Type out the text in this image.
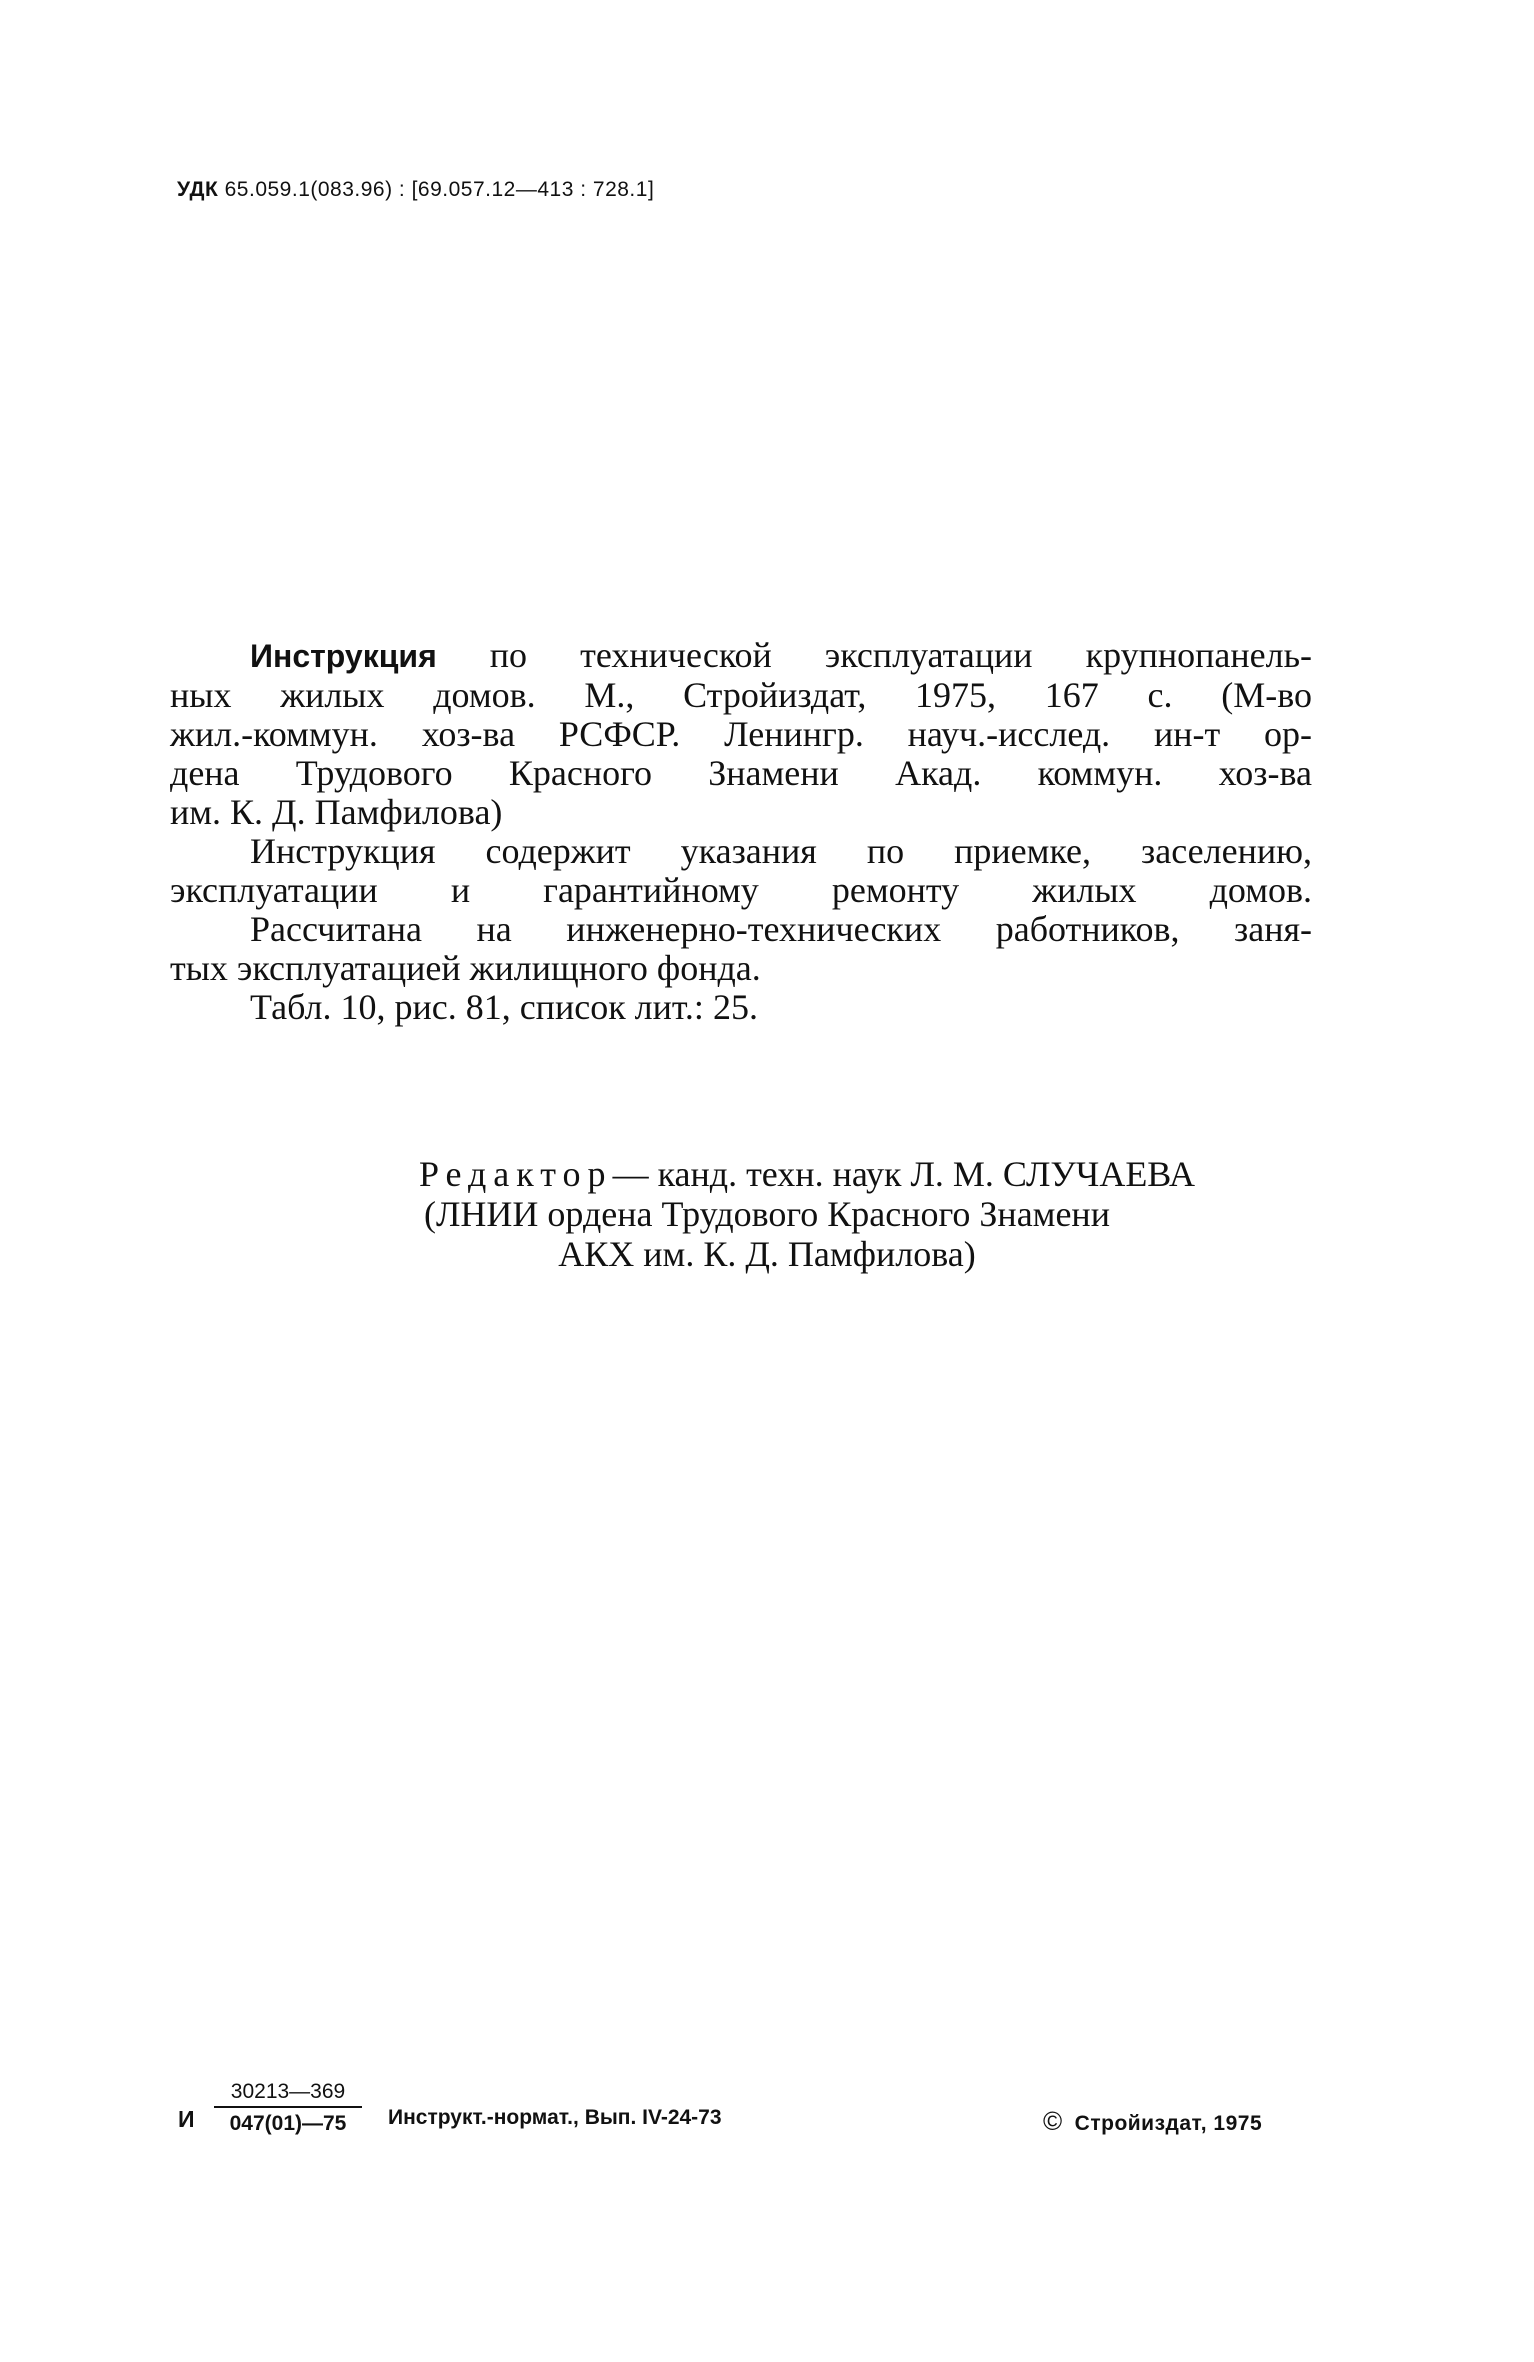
УДК 65.059.1(083.96) : [69.057.12—413 : 728.1]
Инструкция по технической эксплуатации крупнопанель-
ных жилых домов. М., Стройиздат, 1975, 167 с. (М-во
жил.-коммун. хоз-ва РСФСР. Ленингр. науч.-исслед. ин-т ор-
дена Трудового Красного Знамени Акад. коммун. хоз-ва
им. К. Д. Памфилова)
Инструкция содержит указания по приемке, заселению,
эксплуатации и гарантийному ремонту жилых домов.
Рассчитана на инженерно-технических работников, заня-
тых эксплуатацией жилищного фонда.
Табл. 10, рис. 81, список лит.: 25.
Редактор— канд. техн. наук Л. М. СЛУЧАЕВА
(ЛНИИ ордена Трудового Красного Знамени
АКХ им. К. Д. Памфилова)
И $\frac{30213—369}{047(01)—75}$ Инструкт.-нормат., Вып. IV-24-73	© Стройиздат, 1975
